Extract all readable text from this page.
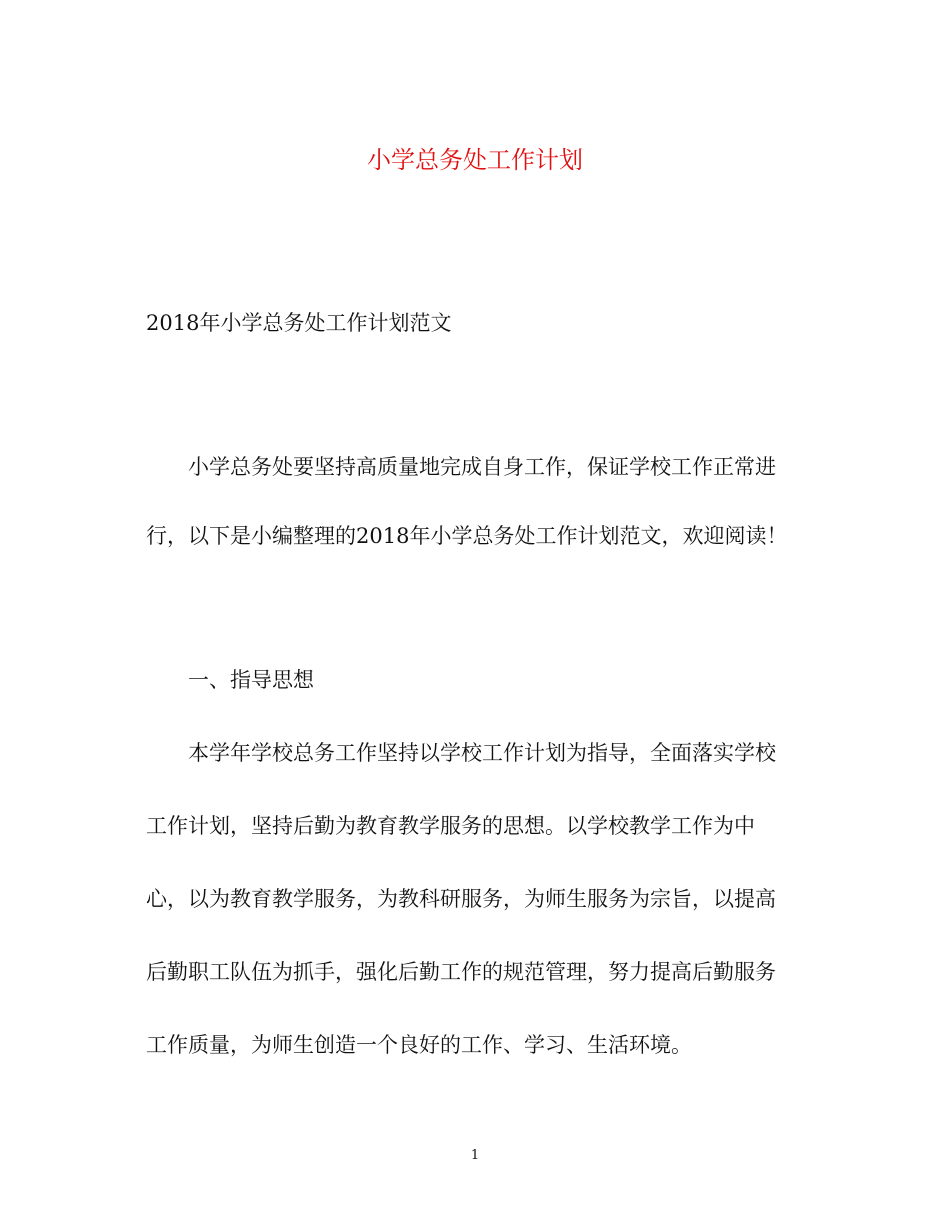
小学总务处工作计划
2018年小学总务处工作计划范文
小学总务处要坚持高质量地完成自身工作，保证学校工作正常进
行，以下是小编整理的2018年小学总务处工作计划范文，欢迎阅读！
一、指导思想
本学年学校总务工作坚持以学校工作计划为指导，全面落实学校
工作计划，坚持后勤为教育教学服务的思想。以学校教学工作为中
心，以为教育教学服务，为教科研服务，为师生服务为宗旨，以提高
后勤职工队伍为抓手，强化后勤工作的规范管理，努力提高后勤服务
工作质量，为师生创造一个良好的工作、学习、生活环境。
1
